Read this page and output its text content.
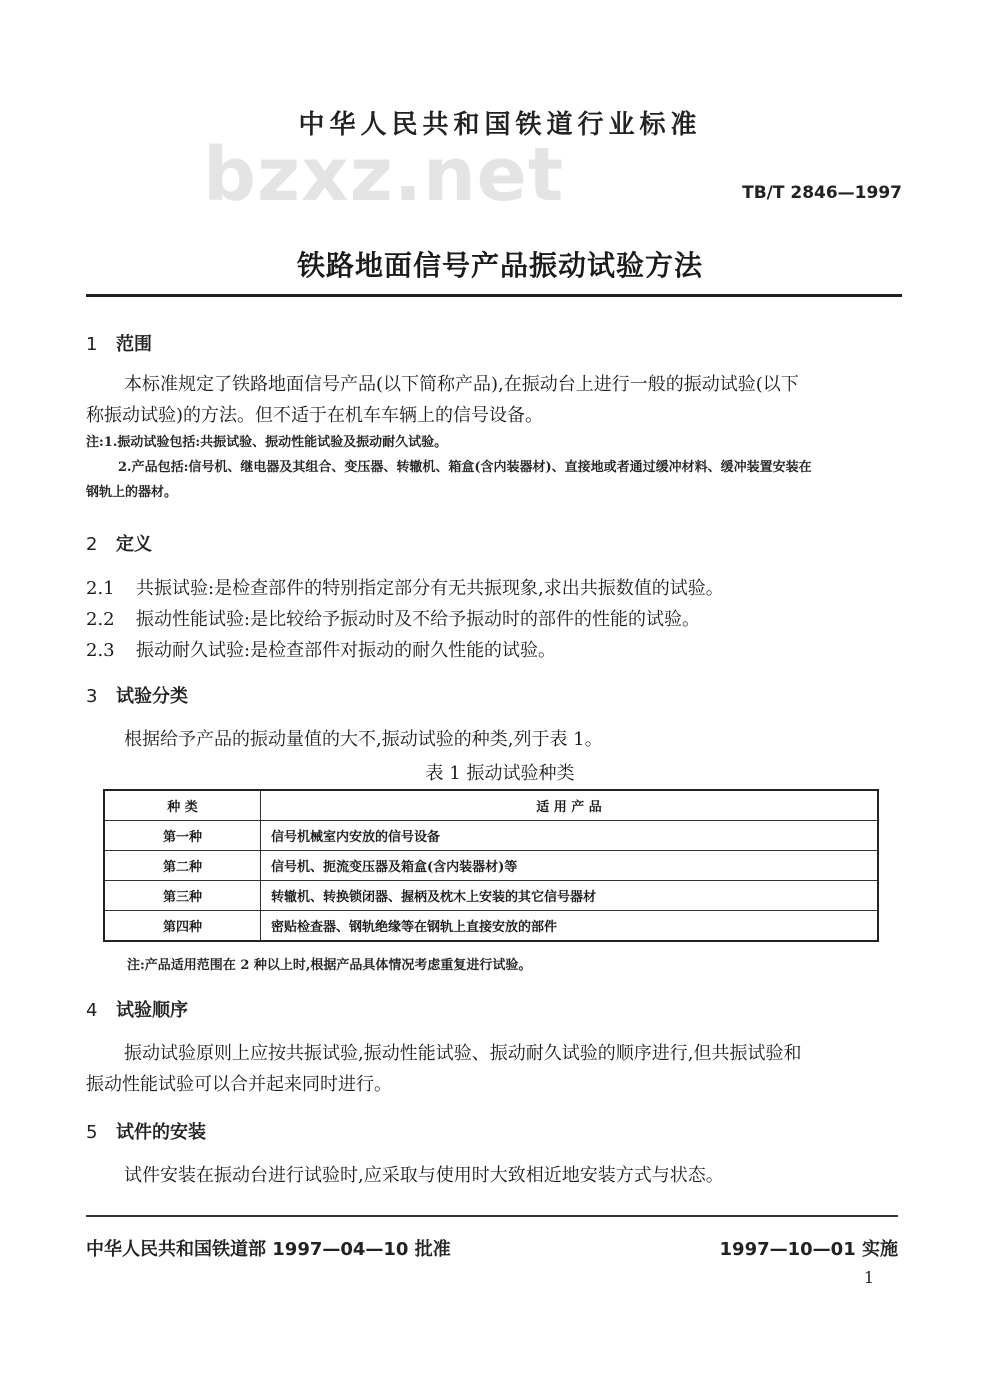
中华人民共和国铁道行业标准
bzxz.net	TB/T 2846—1997
铁路地面信号产品振动试验方法
1 范围
本标准规定了铁路地面信号产品(以下简称产品),在振动台上进行一般的振动试验(以下
称振动试验)的方法。但不适于在机车车辆上的信号设备。
注:1.振动试验包括:共振试验、振动性能试验及振动耐久试验。
2.产品包括:信号机、继电器及其组合、变压器、转辙机、箱盒(含内装器材)、直接地或者通过缓冲材料、缓冲装置安装在
钢轨上的器材。
2 定义
2.1 共振试验:是检查部件的特别指定部分有无共振现象,求出共振数值的试验。
2.2 振动性能试验:是比较给予振动时及不给予振动时的部件的性能的试验。
2.3 振动耐久试验:是检查部件对振动的耐久性能的试验。
3 试验分类
根据给予产品的振动量值的大不,振动试验的种类,列于表 1。
表 1 振动试验种类
种 类	适 用 产 品
第一种	信号机械室内安放的信号设备
第二种	信号机、扼流变压器及箱盒(含内装器材)等
第三种	转辙机、转换锁闭器、握柄及枕木上安装的其它信号器材
第四种	密贴检查器、钢轨绝缘等在钢轨上直接安放的部件
注:产品适用范围在 2 种以上时,根据产品具体情况考虑重复进行试验。
4 试验顺序
振动试验原则上应按共振试验,振动性能试验、振动耐久试验的顺序进行,但共振试验和
振动性能试验可以合并起来同时进行。
5 试件的安装
试件安装在振动台进行试验时,应采取与使用时大致相近地安装方式与状态。
中华人民共和国铁道部 1997—04—10 批准	1997—10—01 实施
1
